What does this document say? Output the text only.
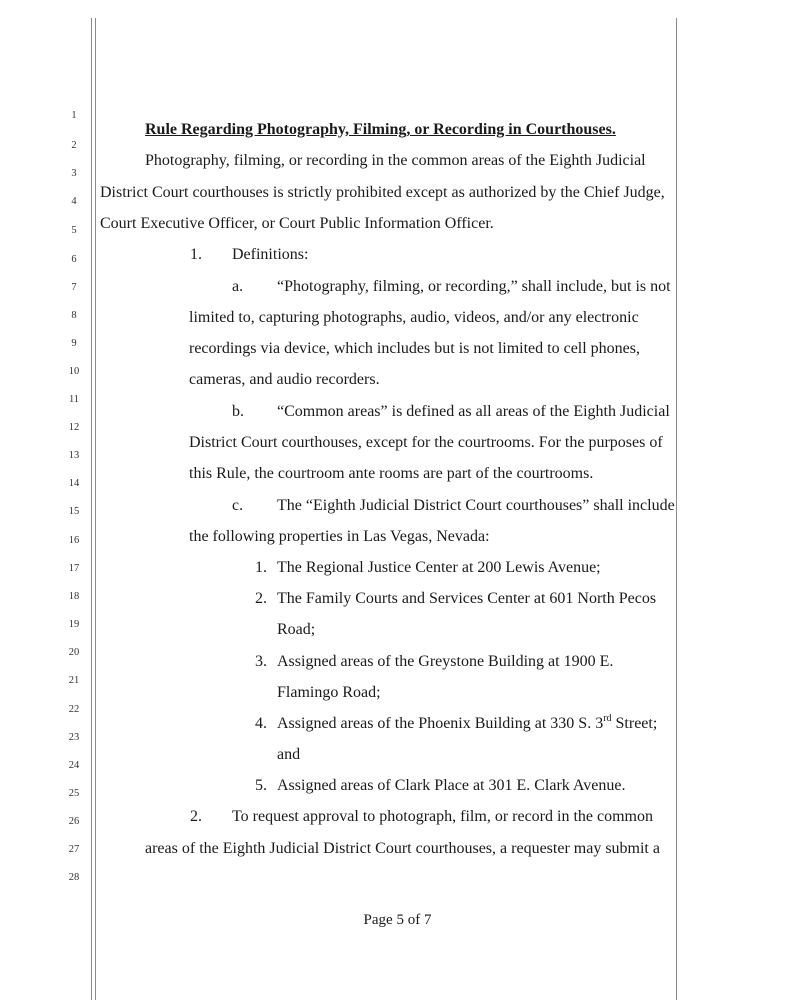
1
2
3
4
5
6
7
8
9
10
11
12
13
14
15
16
17
18
19
20
21
22
23
24
25
26
27
28
Rule Regarding Photography, Filming, or Recording in Courthouses.
Photography, filming, or recording in the common areas of the Eighth Judicial
District Court courthouses is strictly prohibited except as authorized by the Chief Judge,
Court Executive Officer, or Court Public Information Officer.
1. Definitions:
a. “Photography, filming, or recording,” shall include, but is not
limited to, capturing photographs, audio, videos, and/or any electronic
recordings via device, which includes but is not limited to cell phones,
cameras, and audio recorders.
b. “Common areas” is defined as all areas of the Eighth Judicial
District Court courthouses, except for the courtrooms. For the purposes of
this Rule, the courtroom ante rooms are part of the courtrooms.
c. The “Eighth Judicial District Court courthouses” shall include
the following properties in Las Vegas, Nevada:
1. The Regional Justice Center at 200 Lewis Avenue;
2. The Family Courts and Services Center at 601 North Pecos
Road;
3. Assigned areas of the Greystone Building at 1900 E.
Flamingo Road;
4. Assigned areas of the Phoenix Building at 330 S. 3rd Street;
and
5. Assigned areas of Clark Place at 301 E. Clark Avenue.
2. To request approval to photograph, film, or record in the common
areas of the Eighth Judicial District Court courthouses, a requester may submit a
Page 5 of 7
